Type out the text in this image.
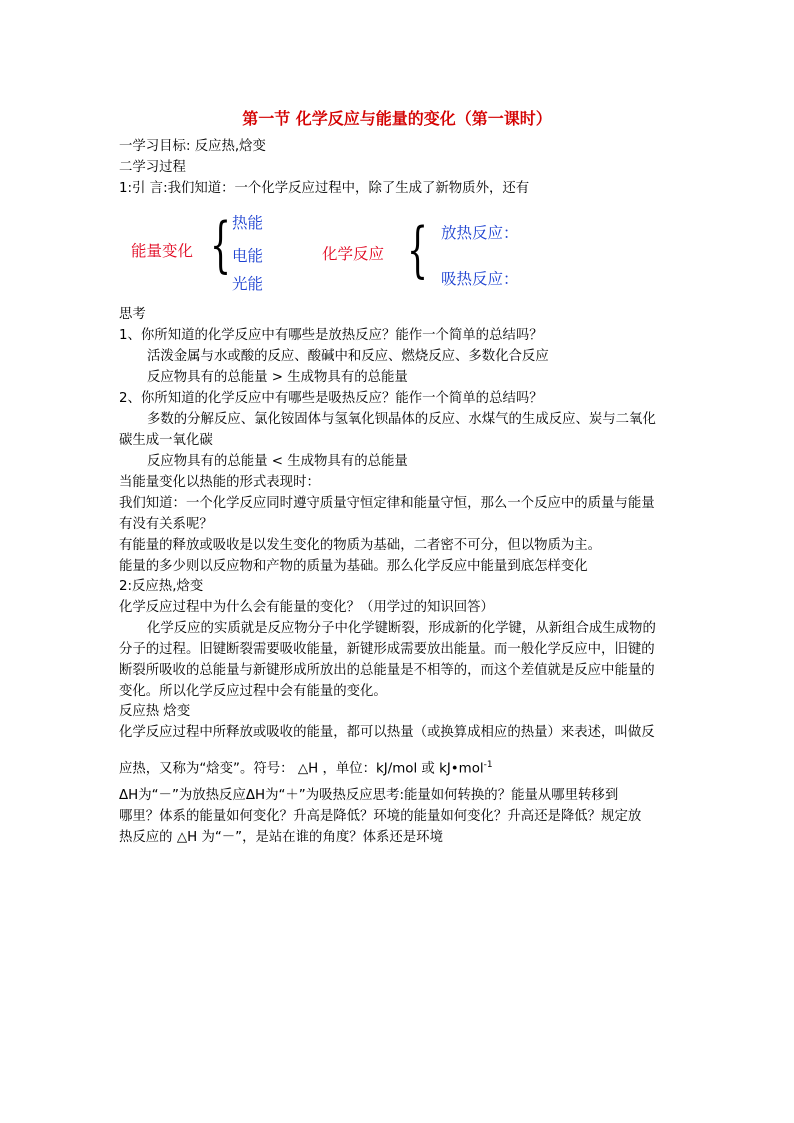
第一节 化学反应与能量的变化（第一课时）
一学习目标: 反应热,焓变
二学习过程
1:引 言:我们知道：一个化学反应过程中，除了生成了新物质外，还有
能量变化 { 热能
电能
光能
化学反应 { 放热反应：
吸热反应：
思考
1、你所知道的化学反应中有哪些是放热反应？能作一个简单的总结吗？
活泼金属与水或酸的反应、酸碱中和反应、燃烧反应、多数化合反应
反应物具有的总能量 > 生成物具有的总能量
2、你所知道的化学反应中有哪些是吸热反应？能作一个简单的总结吗？
多数的分解反应、氯化铵固体与氢氧化钡晶体的反应、水煤气的生成反应、炭与二氧化
碳生成一氧化碳
反应物具有的总能量 < 生成物具有的总能量
当能量变化以热能的形式表现时：
我们知道：一个化学反应同时遵守质量守恒定律和能量守恒，那么一个反应中的质量与能量
有没有关系呢？
有能量的释放或吸收是以发生变化的物质为基础，二者密不可分，但以物质为主。
能量的多少则以反应物和产物的质量为基础。那么化学反应中能量到底怎样变化
2:反应热,焓变
化学反应过程中为什么会有能量的变化？（用学过的知识回答）
化学反应的实质就是反应物分子中化学键断裂，形成新的化学键，从新组合成生成物的
分子的过程。旧键断裂需要吸收能量，新键形成需要放出能量。而一般化学反应中，旧键的
断裂所吸收的总能量与新键形成所放出的总能量是不相等的，而这个差值就是反应中能量的
变化。所以化学反应过程中会有能量的变化。
反应热 焓变
化学反应过程中所释放或吸收的能量，都可以热量（或换算成相应的热量）来表述，叫做反
应热，又称为“焓变”。符号： △H ，单位：kJ/mol 或 kJ•mol$^{-1}$
ΔH为“－”为放热反应ΔH为“＋”为吸热反应思考:能量如何转换的？能量从哪里转移到
哪里？体系的能量如何变化？升高是降低？环境的能量如何变化？升高还是降低？规定放
热反应的 △H 为“－”，是站在谁的角度？体系还是环境
